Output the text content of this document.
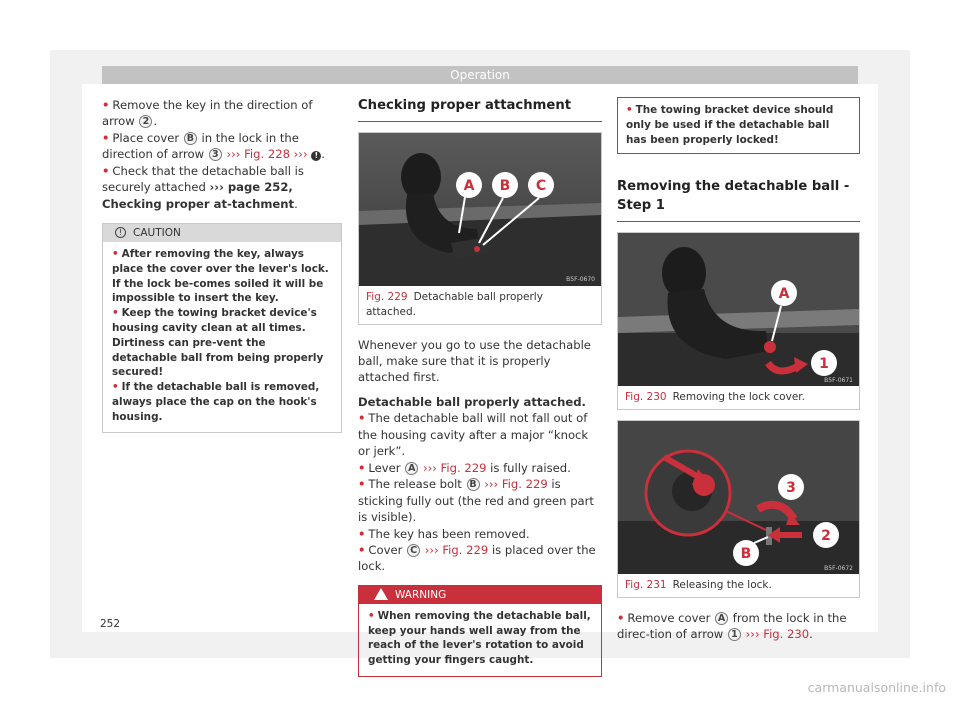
Operation

• Remove the key in the direction of arrow 2 .

• Place cover B in the lock in the direction of arrow 3 ››› Fig. 228 ››› ! .

• Check that the detachable ball is securely attached ››› page 252, Checking proper at-tachment.

!	CAUTION

• After removing the key, always place the cover over the lever's lock. If the lock be-comes soiled it will be impossible to insert the key.

• Keep the towing bracket device's housing cavity clean at all times. Dirtiness can pre-vent the detachable ball from being properly secured!

• If the detachable ball is removed, always place the cap on the hook's housing.

Checking proper attachment
A B C
B5F-0670
Fig. 229 Detachable ball properly attached.

Whenever you go to use the detachable ball, make sure that it is properly attached first.

Detachable ball properly attached.

• The detachable ball will not fall out of the housing cavity after a major “knock or jerk”.

• Lever A ››› Fig. 229 is fully raised.

• The release bolt B ››› Fig. 229 is sticking fully out (the red and green part is visible).

• The key has been removed.

• Cover C ››› Fig. 229 is placed over the lock.

WARNING

• When removing the detachable ball, keep your hands well away from the reach of the lever's rotation to avoid getting your fingers caught.

• The towing bracket device should only be used if the detachable ball has been properly locked!

Removing the detachable ball - Step 1
A
1
B5F-0671
Fig. 230 Removing the lock cover.
3
2
B
B5F-0672
Fig. 231 Releasing the lock.

• Remove cover A from the lock in the direc-tion of arrow 1 ››› Fig. 230.

252
carmanualsonline.info
